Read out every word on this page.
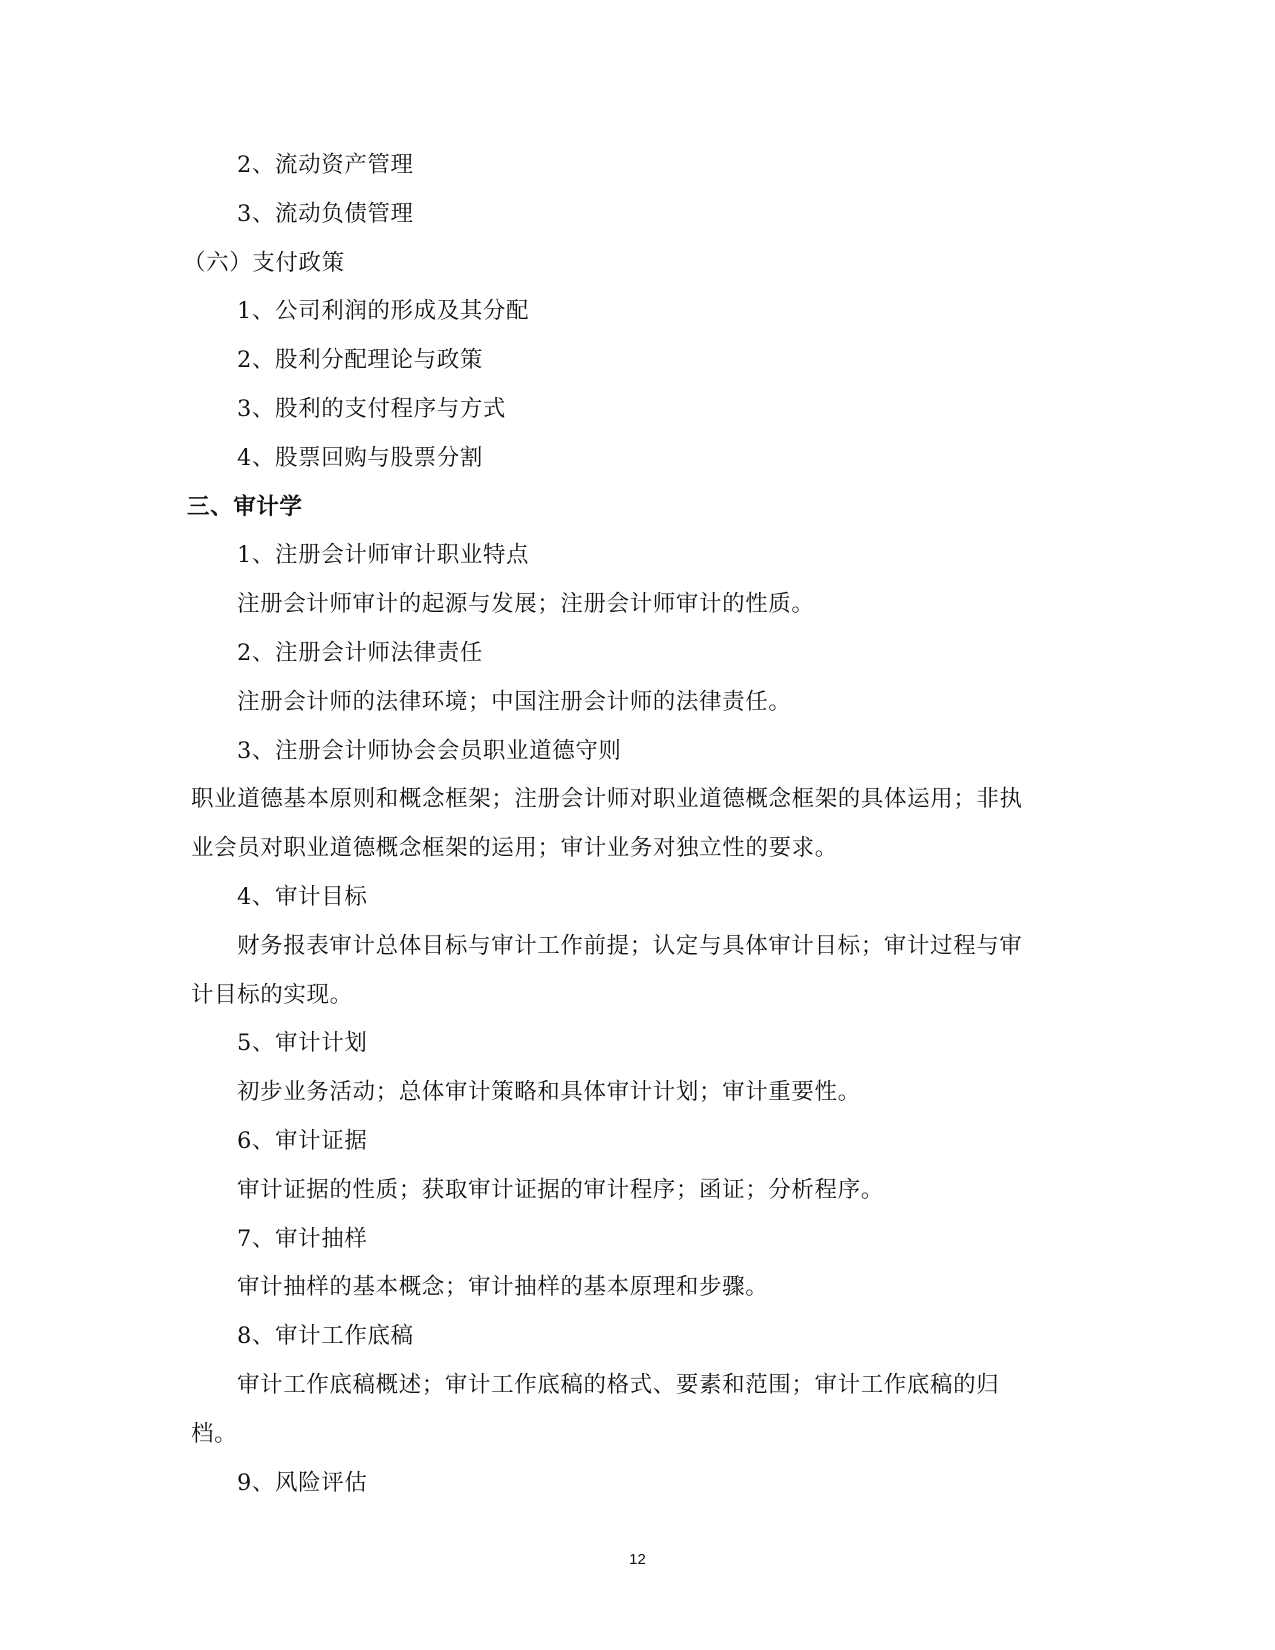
2、流动资产管理
3、流动负债管理
（六）支付政策
1、公司利润的形成及其分配
2、股利分配理论与政策
3、股利的支付程序与方式
4、股票回购与股票分割
三、审计学
1、注册会计师审计职业特点
注册会计师审计的起源与发展；注册会计师审计的性质。
2、注册会计师法律责任
注册会计师的法律环境；中国注册会计师的法律责任。
3、注册会计师协会会员职业道德守则
职业道德基本原则和概念框架；注册会计师对职业道德概念框架的具体运用；非执
业会员对职业道德概念框架的运用；审计业务对独立性的要求。
4、审计目标
财务报表审计总体目标与审计工作前提；认定与具体审计目标；审计过程与审
计目标的实现。
5、审计计划
初步业务活动；总体审计策略和具体审计计划；审计重要性。
6、审计证据
审计证据的性质；获取审计证据的审计程序；函证；分析程序。
7、审计抽样
审计抽样的基本概念；审计抽样的基本原理和步骤。
8、审计工作底稿
审计工作底稿概述；审计工作底稿的格式、要素和范围；审计工作底稿的归
档。
9、风险评估
12
